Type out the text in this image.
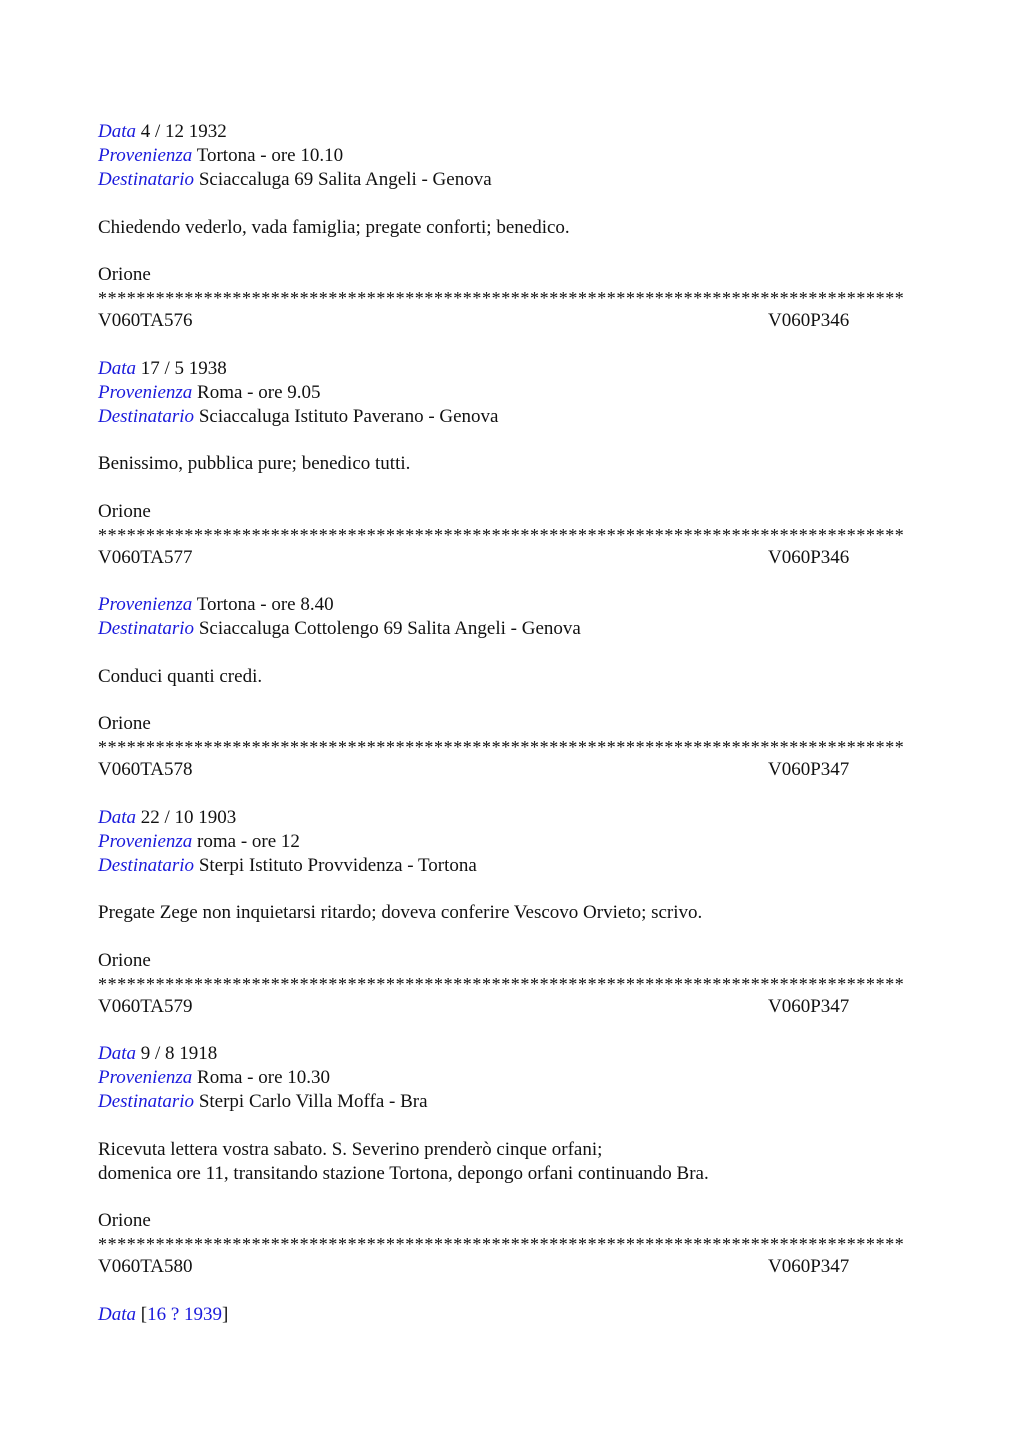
Data 4 / 12 1932
Provenienza Tortona - ore 10.10
Destinatario Sciaccaluga 69 Salita Angeli - Genova
Chiedendo vederlo, vada famiglia; pregate conforti; benedico.
Orione
************************************************************************************
V060TA576	V060P346
Data 17 / 5 1938
Provenienza Roma - ore 9.05
Destinatario Sciaccaluga Istituto Paverano - Genova
Benissimo, pubblica pure; benedico tutti.
Orione
************************************************************************************
V060TA577	V060P346
Provenienza Tortona - ore 8.40
Destinatario Sciaccaluga Cottolengo 69 Salita Angeli - Genova
Conduci quanti credi.
Orione
************************************************************************************
V060TA578	V060P347
Data 22 / 10 1903
Provenienza roma - ore 12
Destinatario Sterpi Istituto Provvidenza - Tortona
Pregate Zege non inquietarsi ritardo; doveva conferire Vescovo Orvieto; scrivo.
Orione
************************************************************************************
V060TA579	V060P347
Data 9 / 8 1918
Provenienza Roma - ore 10.30
Destinatario Sterpi Carlo Villa Moffa - Bra
Ricevuta lettera vostra sabato. S. Severino prenderò cinque orfani;
domenica ore 11, transitando stazione Tortona, depongo orfani continuando Bra.
Orione
************************************************************************************
V060TA580	V060P347
Data [16 ? 1939]
